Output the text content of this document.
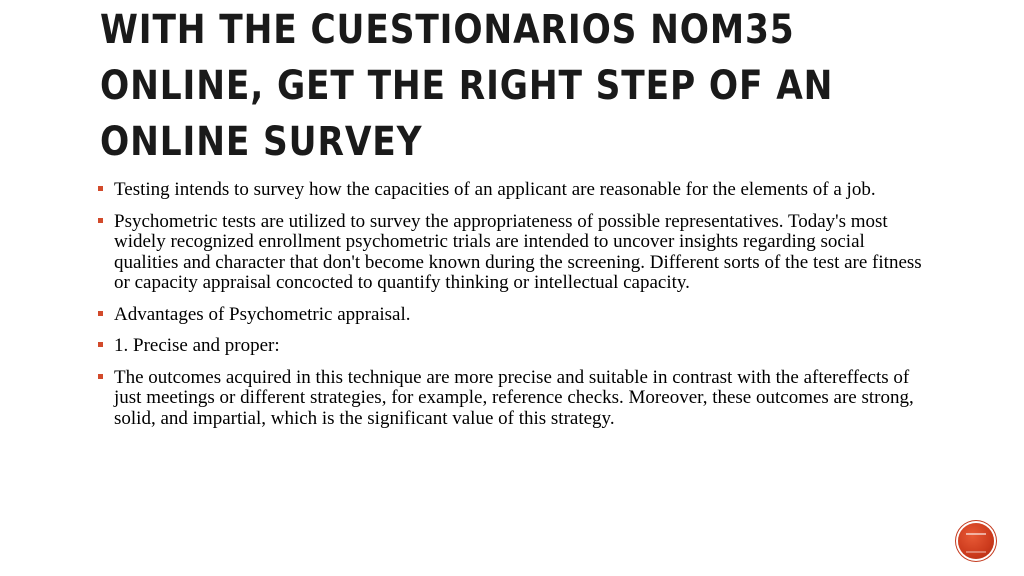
WITH THE CUESTIONARIOS NOM35 ONLINE, GET THE RIGHT STEP OF AN ONLINE SURVEY
Testing intends to survey how the capacities of an applicant are reasonable for the elements of a job.
Psychometric tests are utilized to survey the appropriateness of possible representatives. Today's most widely recognized enrollment psychometric trials are intended to uncover insights regarding social qualities and character that don't become known during the screening. Different sorts of the test are fitness or capacity appraisal concocted to quantify thinking or intellectual capacity.
Advantages of Psychometric appraisal.
1. Precise and proper:
The outcomes acquired in this technique are more precise and suitable in contrast with the aftereffects of just meetings or different strategies, for example, reference checks. Moreover, these outcomes are strong, solid, and impartial, which is the significant value of this strategy.
